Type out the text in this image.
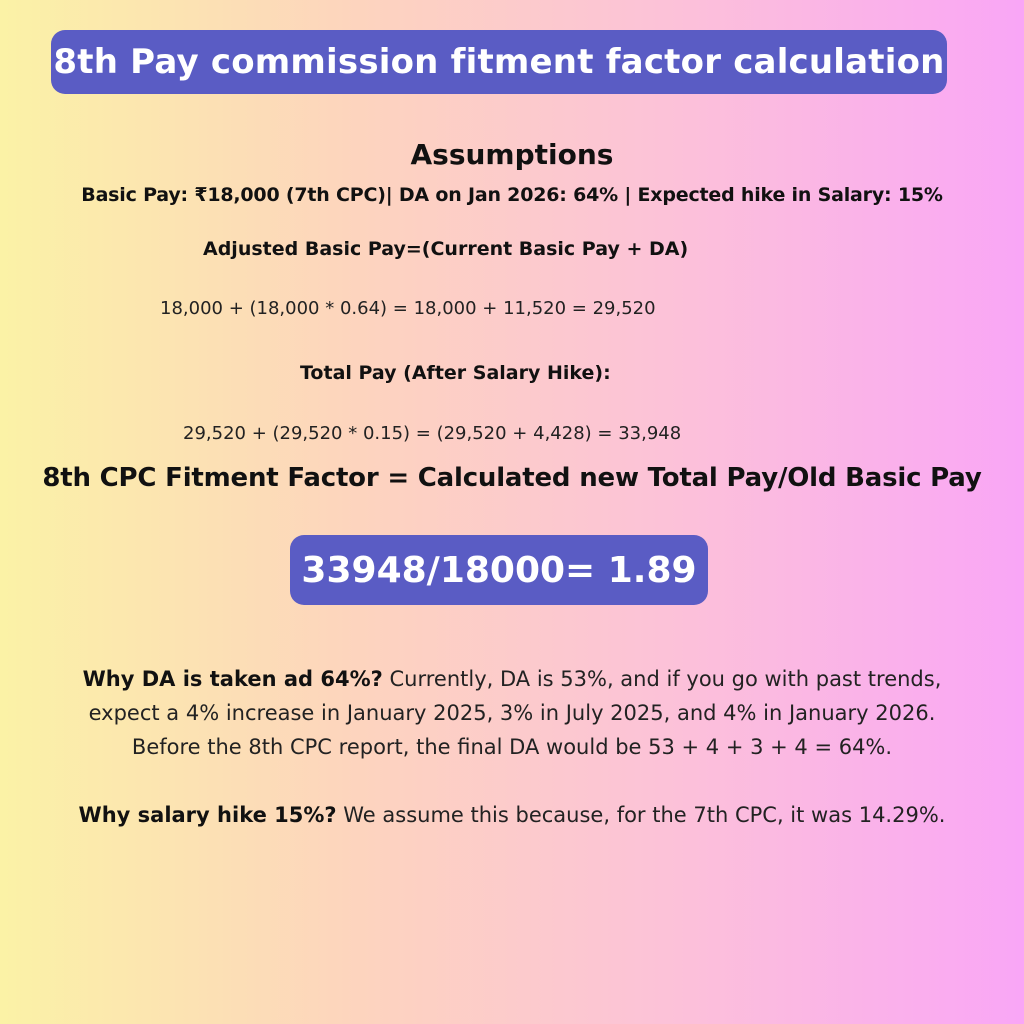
8th Pay commission fitment factor calculation
Assumptions
Basic Pay: ₹18,000 (7th CPC)| DA on Jan 2026: 64% | Expected hike in Salary: 15%
Adjusted Basic Pay=(Current Basic Pay + DA)
18,000 + (18,000 * 0.64) = 18,000 + 11,520 = 29,520
Total Pay (After Salary Hike):
29,520 + (29,520 * 0.15) = (29,520 + 4,428) = 33,948
8th CPC Fitment Factor = Calculated new Total Pay/Old Basic Pay
33948/18000= 1.89
Why DA is taken ad 64%? Currently, DA is 53%, and if you go with past trends,
expect a 4% increase in January 2025, 3% in July 2025, and 4% in January 2026.
Before the 8th CPC report, the final DA would be 53 + 4 + 3 + 4 = 64%.
Why salary hike 15%? We assume this because, for the 7th CPC, it was 14.29%.
